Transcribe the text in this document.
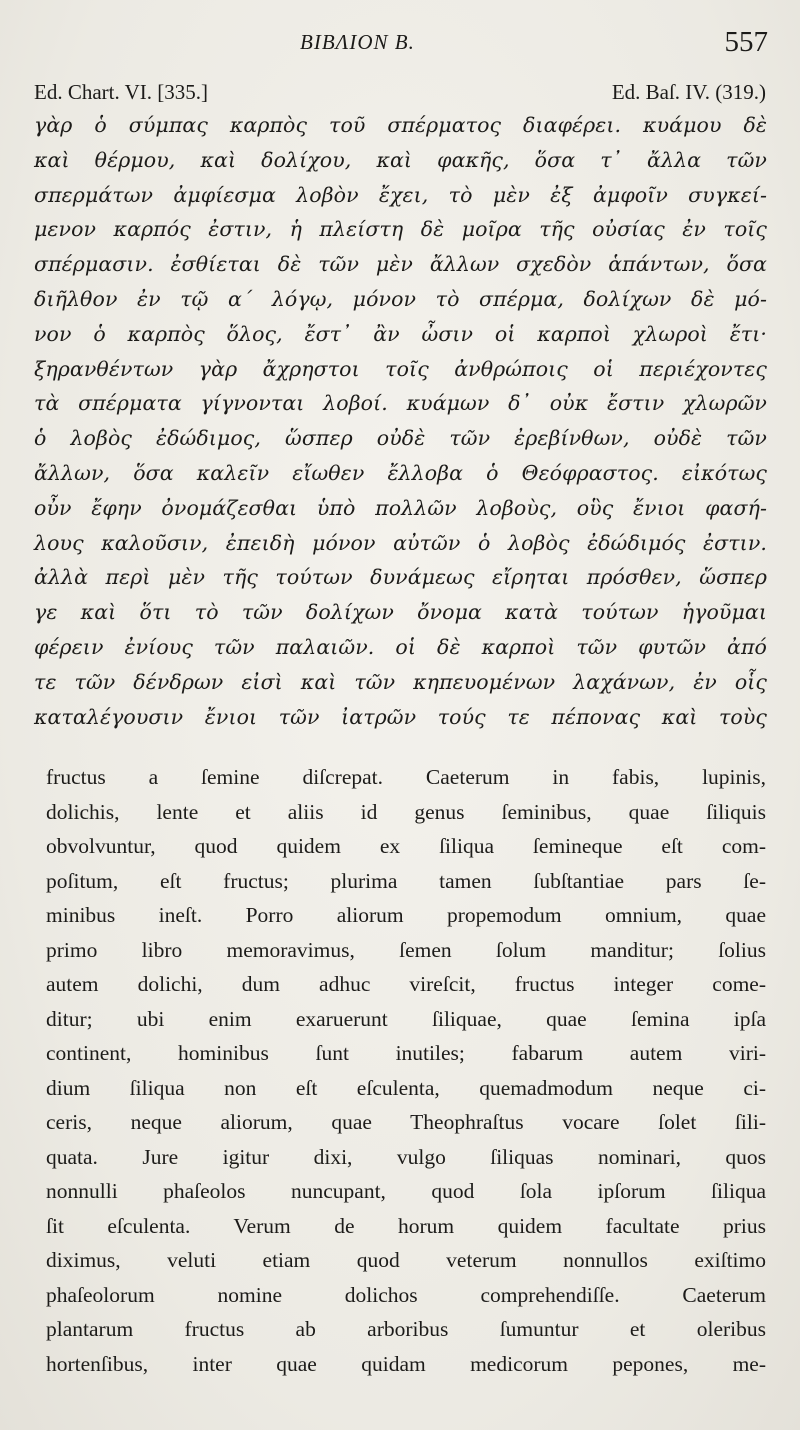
BIBΛΙΟΝ B.	557
Ed. Chart. VI. [335.]	Ed. Baſ. IV. (319.)
γὰρ ὁ σύμπας καρπὸς τοῦ σπέρματος διαφέρει. κυάμου δὲ
καὶ θέρμου, καὶ δολίχου, καὶ φακῆς, ὅσα τ᾽ ἄλλα τῶν
σπερμάτων ἀμφίεσμα λοβὸν ἔχει, τὸ μὲν ἐξ ἀμφοῖν συγκεί-
μενον καρπός ἐστιν, ἡ πλείστη δὲ μοῖρα τῆς οὐσίας ἐν τοῖς
σπέρμασιν. ἐσθίεται δὲ τῶν μὲν ἄλλων σχεδὸν ἁπάντων, ὅσα
διῆλθον ἐν τῷ α΄ λόγῳ, μόνον τὸ σπέρμα, δολίχων δὲ μό-
νον ὁ καρπὸς ὅλος, ἔστ᾽ ἂν ὦσιν οἱ καρποὶ χλωροὶ ἔτι·
ξηρανθέντων γὰρ ἄχρηστοι τοῖς ἀνθρώποις οἱ περιέχοντες
τὰ σπέρματα γίγνονται λοβοί. κυάμων δ᾽ οὐκ ἔστιν χλωρῶν
ὁ λοβὸς ἐδώδιμος, ὥσπερ οὐδὲ τῶν ἐρεβίνθων, οὐδὲ τῶν
ἄλλων, ὅσα καλεῖν εἴωθεν ἔλλοβα ὁ Θεόφραστος. εἰκότως
οὖν ἔφην ὀνομάζεσθαι ὑπὸ πολλῶν λοβοὺς, οὓς ἔνιοι φασή-
λους καλοῦσιν, ἐπειδὴ μόνον αὐτῶν ὁ λοβὸς ἐδώδιμός ἐστιν.
ἀλλὰ περὶ μὲν τῆς τούτων δυνάμεως εἴρηται πρόσθεν, ὥσπερ
γε καὶ ὅτι τὸ τῶν δολίχων ὄνομα κατὰ τούτων ἡγοῦμαι
φέρειν ἐνίους τῶν παλαιῶν. οἱ δὲ καρποὶ τῶν φυτῶν ἀπό
τε τῶν δένδρων εἰσὶ καὶ τῶν κηπευομένων λαχάνων, ἐν οἷς
καταλέγουσιν ἔνιοι τῶν ἰατρῶν τούς τε πέπονας καὶ τοὺς
fructus a ſemine diſcrepat. Caeterum in fabis, lupinis,
dolichis, lente et aliis id genus ſeminibus, quae ſiliquis
obvolvuntur, quod quidem ex ſiliqua ſemineque eſt com-
poſitum, eſt fructus; plurima tamen ſubſtantiae pars ſe-
minibus ineſt. Porro aliorum propemodum omnium, quae
primo libro memoravimus, ſemen ſolum manditur; ſolius
autem dolichi, dum adhuc vireſcit, fructus integer come-
ditur; ubi enim exaruerunt ſiliquae, quae ſemina ipſa
continent, hominibus ſunt inutiles; fabarum autem viri-
dium ſiliqua non eſt eſculenta, quemadmodum neque ci-
ceris, neque aliorum, quae Theophraſtus vocare ſolet ſili-
quata. Jure igitur dixi, vulgo ſiliquas nominari, quos
nonnulli phaſeolos nuncupant, quod ſola ipſorum ſiliqua
ſit eſculenta. Verum de horum quidem facultate prius
diximus, veluti etiam quod veterum nonnullos exiſtimo
phaſeolorum nomine dolichos comprehendiſſe. Caeterum
plantarum fructus ab arboribus ſumuntur et oleribus
hortenſibus, inter quae quidam medicorum pepones, me-
